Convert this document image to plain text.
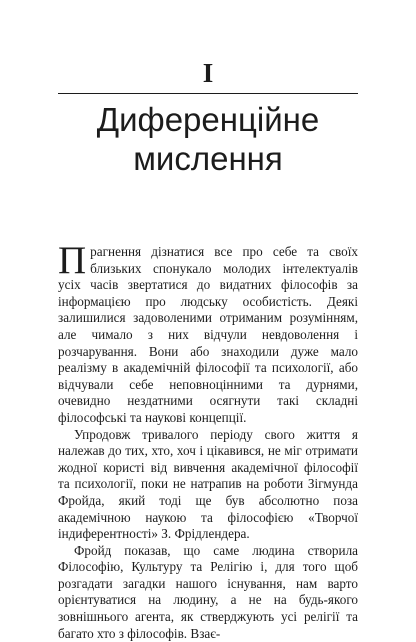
I
Диференційне
мислення

Прагнення дізнатися все про себе та своїх близьких спонукало молодих інтелектуалів усіх часів звертатися до видатних філософів за інформацією про людську особистість. Деякі залишилися задоволеними отриманим розумінням, але чимало з них відчули невдоволення і розчарування. Вони або знаходили дуже мало реалізму в академічній філософії та психології, або відчували себе неповноцінними та дурнями, очевидно нездатними осягнути такі складні філософські та наукові концепції.

Упродовж тривалого періоду свого життя я належав до тих, хто, хоч і цікавився, не міг отримати жодної користі від вивчення академічної філософії та психології, поки не натрапив на роботи Зігмунда Фройда, який тоді ще був абсолютно поза академічною наукою та філософією «Творчої індиферентності» З. Фрідлендера.

Фройд показав, що саме людина створила Філософію, Культуру та Релігію і, для того щоб розгадати загадки нашого існування, нам варто орієнтуватися на людину, а не на будь-якого зовнішнього агента, як стверджують усі релігії та багато хто з філософів. Взає-
